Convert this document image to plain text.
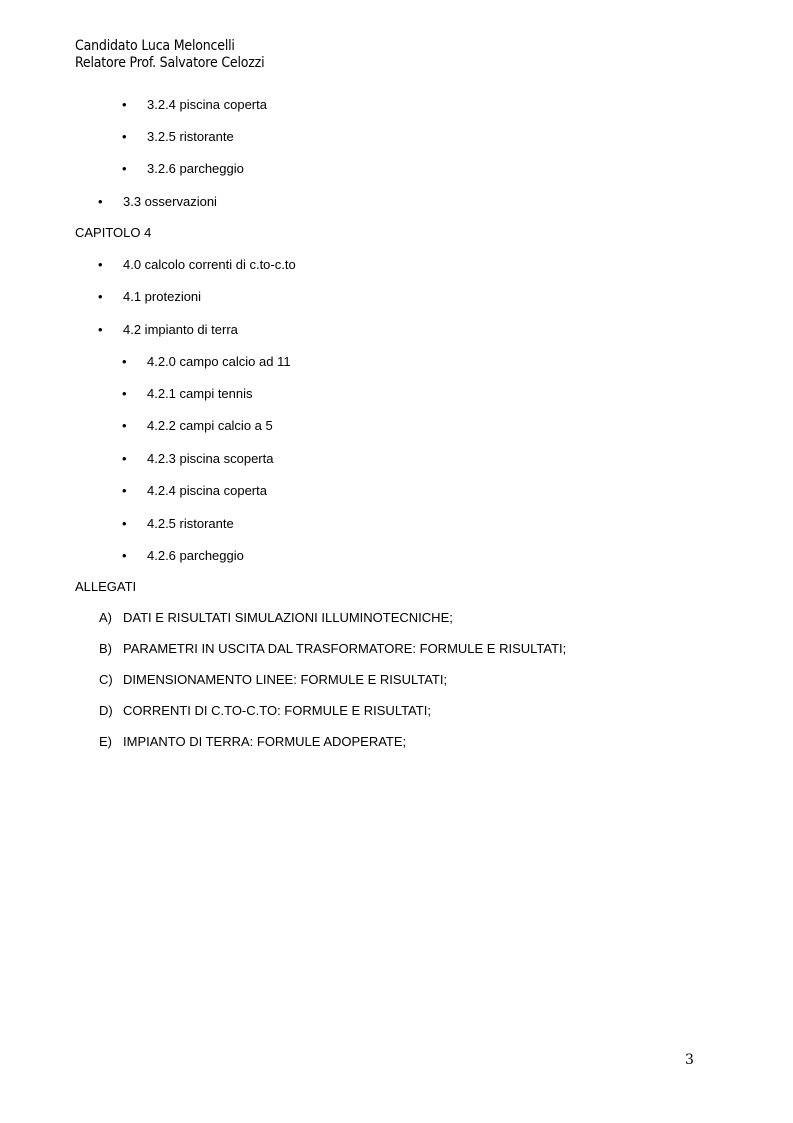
Candidato Luca Meloncelli
Relatore Prof. Salvatore Celozzi
• 3.2.4 piscina coperta
• 3.2.5 ristorante
• 3.2.6 parcheggio
• 3.3 osservazioni
CAPITOLO 4
• 4.0 calcolo correnti di c.to-c.to
• 4.1 protezioni
• 4.2 impianto di terra
• 4.2.0 campo calcio ad 11
• 4.2.1 campi tennis
• 4.2.2 campi calcio a 5
• 4.2.3 piscina scoperta
• 4.2.4 piscina coperta
• 4.2.5 ristorante
• 4.2.6 parcheggio
ALLEGATI
A) DATI E RISULTATI SIMULAZIONI ILLUMINOTECNICHE;
B) PARAMETRI IN USCITA DAL TRASFORMATORE: FORMULE E RISULTATI;
C) DIMENSIONAMENTO LINEE: FORMULE E RISULTATI;
D) CORRENTI DI C.TO-C.TO: FORMULE E RISULTATI;
E) IMPIANTO DI TERRA: FORMULE ADOPERATE;
3
